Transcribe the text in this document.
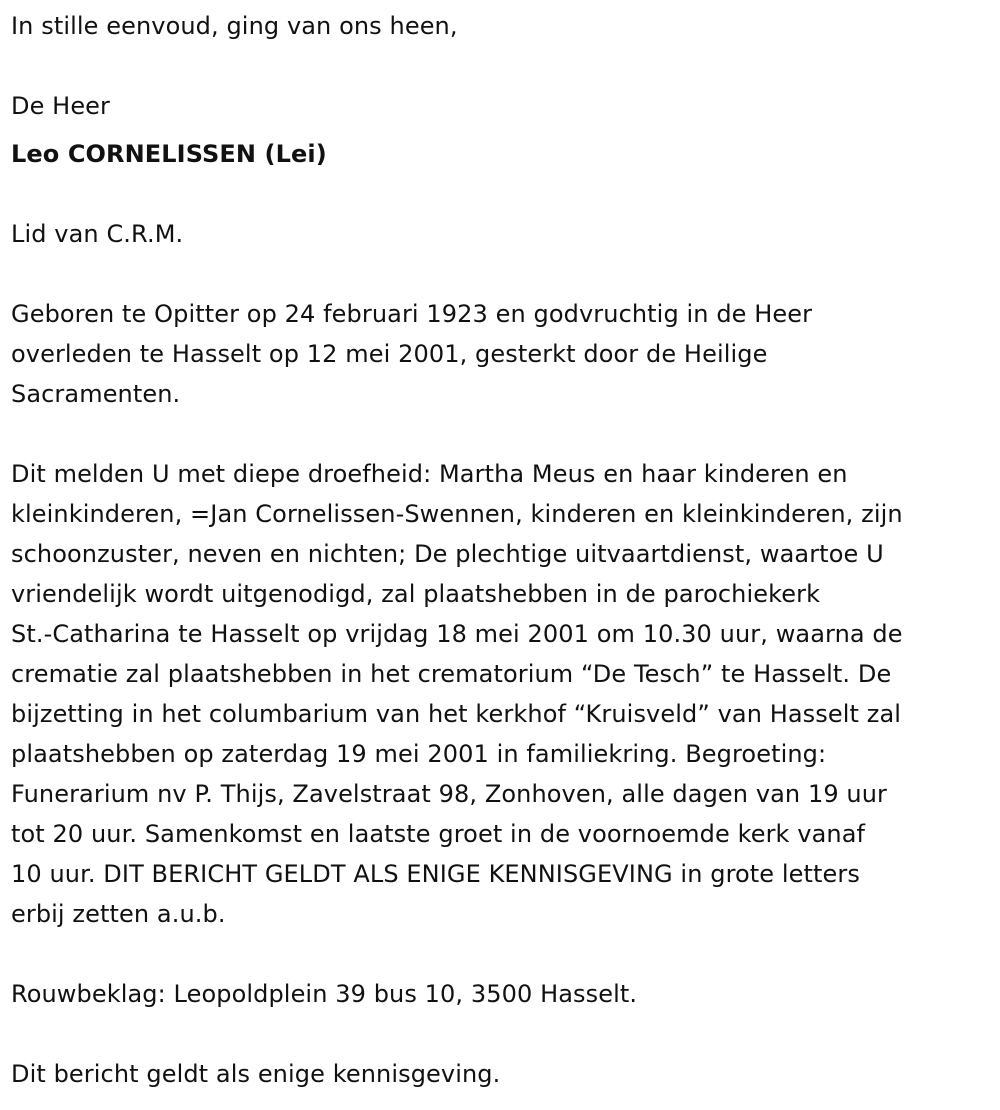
In stille eenvoud, ging van ons heen,
De Heer
Leo CORNELISSEN (Lei)
Lid van C.R.M.
Geboren te Opitter op 24 februari 1923 en godvruchtig in de Heer
overleden te Hasselt op 12 mei 2001, gesterkt door de Heilige
Sacramenten.
Dit melden U met diepe droefheid: Martha Meus en haar kinderen en
kleinkinderen, =Jan Cornelissen-Swennen, kinderen en kleinkinderen, zijn
schoonzuster, neven en nichten; De plechtige uitvaartdienst, waartoe U
vriendelijk wordt uitgenodigd, zal plaatshebben in de parochiekerk
St.-Catharina te Hasselt op vrijdag 18 mei 2001 om 10.30 uur, waarna de
crematie zal plaatshebben in het crematorium “De Tesch” te Hasselt. De
bijzetting in het columbarium van het kerkhof “Kruisveld” van Hasselt zal
plaatshebben op zaterdag 19 mei 2001 in familiekring. Begroeting:
Funerarium nv P. Thijs, Zavelstraat 98, Zonhoven, alle dagen van 19 uur
tot 20 uur. Samenkomst en laatste groet in de voornoemde kerk vanaf
10 uur. DIT BERICHT GELDT ALS ENIGE KENNISGEVING in grote letters
erbij zetten a.u.b.
Rouwbeklag: Leopoldplein 39 bus 10, 3500 Hasselt.
Dit bericht geldt als enige kennisgeving.
